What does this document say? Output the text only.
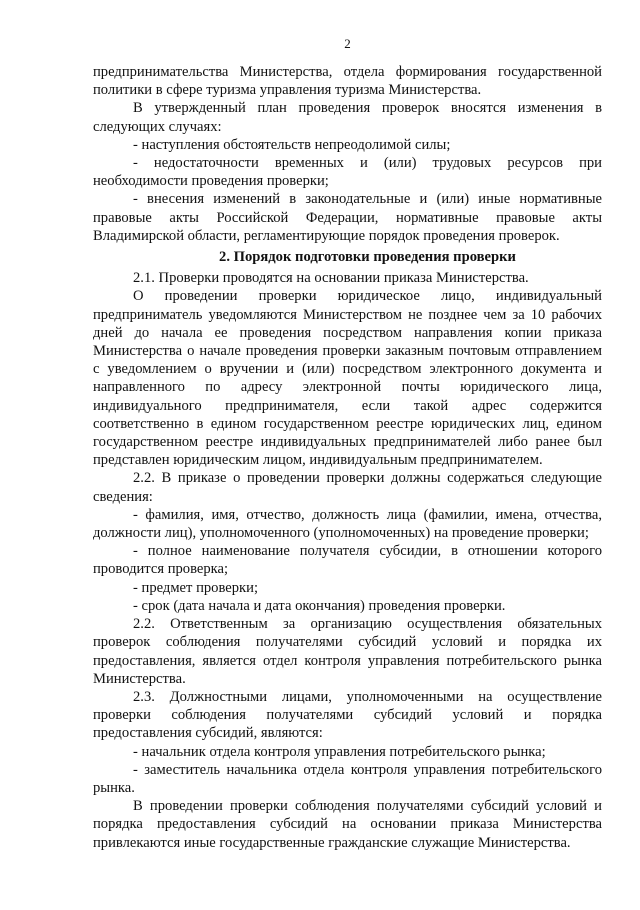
2

предпринимательства Министерства, отдела формирования государственной политики в сфере туризма управления туризма Министерства.

В утвержденный план проведения проверок вносятся изменения в следующих случаях:

- наступления обстоятельств непреодолимой силы;

- недостаточности временных и (или) трудовых ресурсов при необходимости проведения проверки;

- внесения изменений в законодательные и (или) иные нормативные правовые акты Российской Федерации, нормативные правовые акты Владимирской области, регламентирующие порядок проведения проверок.

2. Порядок подготовки проведения проверки

2.1. Проверки проводятся на основании приказа Министерства.

О проведении проверки юридическое лицо, индивидуальный предприниматель уведомляются Министерством не позднее чем за 10 рабочих дней до начала ее проведения посредством направления копии приказа Министерства о начале проведения проверки заказным почтовым отправлением с уведомлением о вручении и (или) посредством электронного документа и направленного по адресу электронной почты юридического лица, индивидуального предпринимателя, если такой адрес содержится соответственно в едином государственном реестре юридических лиц, едином государственном реестре индивидуальных предпринимателей либо ранее был представлен юридическим лицом, индивидуальным предпринимателем.

2.2. В приказе о проведении проверки должны содержаться следующие сведения:

- фамилия, имя, отчество, должность лица (фамилии, имена, отчества, должности лиц), уполномоченного (уполномоченных) на проведение проверки;

- полное наименование получателя субсидии, в отношении которого проводится проверка;

- предмет проверки;

- срок (дата начала и дата окончания) проведения проверки.

2.2. Ответственным за организацию осуществления обязательных проверок соблюдения получателями субсидий условий и порядка их предоставления, является отдел контроля управления потребительского рынка Министерства.

2.3. Должностными лицами, уполномоченными на осуществление проверки соблюдения получателями субсидий условий и порядка предоставления субсидий, являются:

- начальник отдела контроля управления потребительского рынка;

- заместитель начальника отдела контроля управления потребительского рынка.

В проведении проверки соблюдения получателями субсидий условий и порядка предоставления субсидий на основании приказа Министерства привлекаются иные государственные гражданские служащие Министерства.
